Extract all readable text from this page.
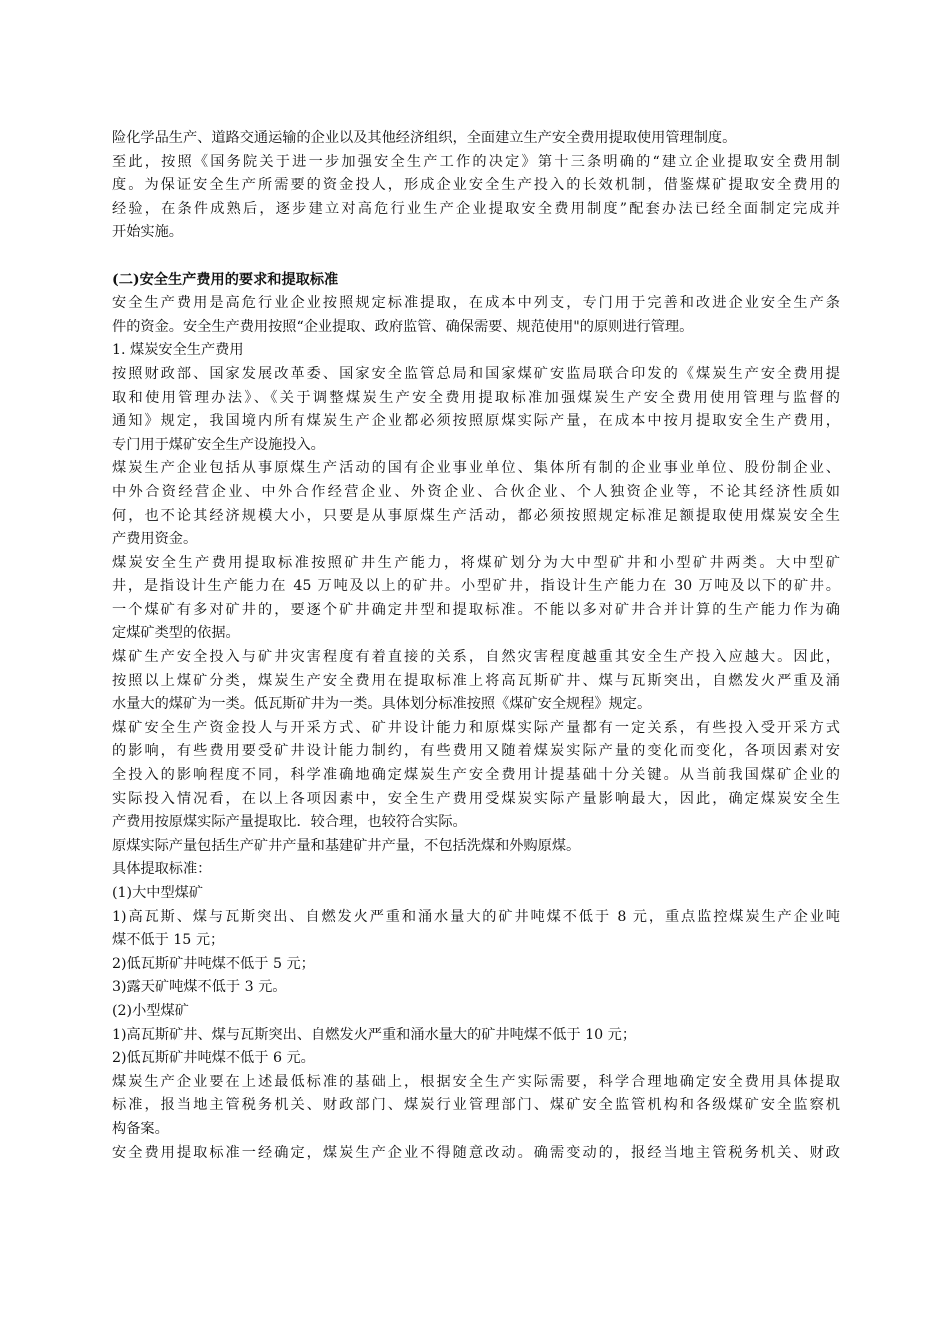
险化学品生产、道路交通运输的企业以及其他经济组织，全面建立生产安全费用提取使用管理制度。
至此，按照《国务院关于进一步加强安全生产工作的决定》第十三条明确的“建立企业提取安全费用制
度。为保证安全生产所需要的资金投人，形成企业安全生产投入的长效机制，借鉴煤矿提取安全费用的
经验，在条件成熟后，逐步建立对高危行业生产企业提取安全费用制度”配套办法已经全面制定完成并
开始实施。
(二)安全生产费用的要求和提取标准
安全生产费用是高危行业企业按照规定标准提取，在成本中列支，专门用于完善和改进企业安全生产条
件的资金。安全生产费用按照“企业提取、政府监管、确保需要、规范使用"的原则进行管理。
1. 煤炭安全生产费用
按照财政部、国家发展改革委、国家安全监管总局和国家煤矿安监局联合印发的《煤炭生产安全费用提
取和使用管理办法》、《关于调整煤炭生产安全费用提取标准加强煤炭生产安全费用使用管理与监督的
通知》规定，我国境内所有煤炭生产企业都必须按照原煤实际产量，在成本中按月提取安全生产费用，
专门用于煤矿安全生产设施投入。
煤炭生产企业包括从事原煤生产活动的国有企业事业单位、集体所有制的企业事业单位、股份制企业、
中外合资经营企业、中外合作经营企业、外资企业、合伙企业、个人独资企业等，不论其经济性质如
何，也不论其经济规模大小，只要是从事原煤生产活动，都必须按照规定标准足额提取使用煤炭安全生
产费用资金。
煤炭安全生产费用提取标准按照矿井生产能力，将煤矿划分为大中型矿井和小型矿井两类。大中型矿
井，是指设计生产能力在 45 万吨及以上的矿井。小型矿井，指设计生产能力在 30 万吨及以下的矿井。
一个煤矿有多对矿井的，要逐个矿井确定井型和提取标准。不能以多对矿井合并计算的生产能力作为确
定煤矿类型的依据。
煤矿生产安全投入与矿井灾害程度有着直接的关系，自然灾害程度越重其安全生产投入应越大。因此，
按照以上煤矿分类，煤炭生产安全费用在提取标准上将高瓦斯矿井、煤与瓦斯突出，自燃发火严重及涌
水量大的煤矿为一类。低瓦斯矿井为一类。具体划分标准按照《煤矿安全规程》规定。
煤矿安全生产资金投人与开采方式、矿井设计能力和原煤实际产量都有一定关系，有些投入受开采方式
的影响，有些费用要受矿井设计能力制约，有些费用又随着煤炭实际产量的变化而变化，各项因素对安
全投入的影响程度不同，科学准确地确定煤炭生产安全费用计提基础十分关键。从当前我国煤矿企业的
实际投入情况看，在以上各项因素中，安全生产费用受煤炭实际产量影响最大，因此，确定煤炭安全生
产费用按原煤实际产量提取比．较合理，也较符合实际。
原煤实际产量包括生产矿井产量和基建矿井产量，不包括洗煤和外购原煤。
具体提取标准：
(1)大中型煤矿
1)高瓦斯、煤与瓦斯突出、自燃发火严重和涌水量大的矿井吨煤不低于 8 元，重点监控煤炭生产企业吨
煤不低于 15 元；
2)低瓦斯矿井吨煤不低于 5 元；
3)露天矿吨煤不低于 3 元。
(2)小型煤矿
1)高瓦斯矿井、煤与瓦斯突出、自燃发火严重和涌水量大的矿井吨煤不低于 10 元；
2)低瓦斯矿井吨煤不低于 6 元。
煤炭生产企业要在上述最低标准的基础上，根据安全生产实际需要，科学合理地确定安全费用具体提取
标准，报当地主管税务机关、财政部门、煤炭行业管理部门、煤矿安全监管机构和各级煤矿安全监察机
构备案。
安全费用提取标准一经确定，煤炭生产企业不得随意改动。确需变动的，报经当地主管税务机关、财政
